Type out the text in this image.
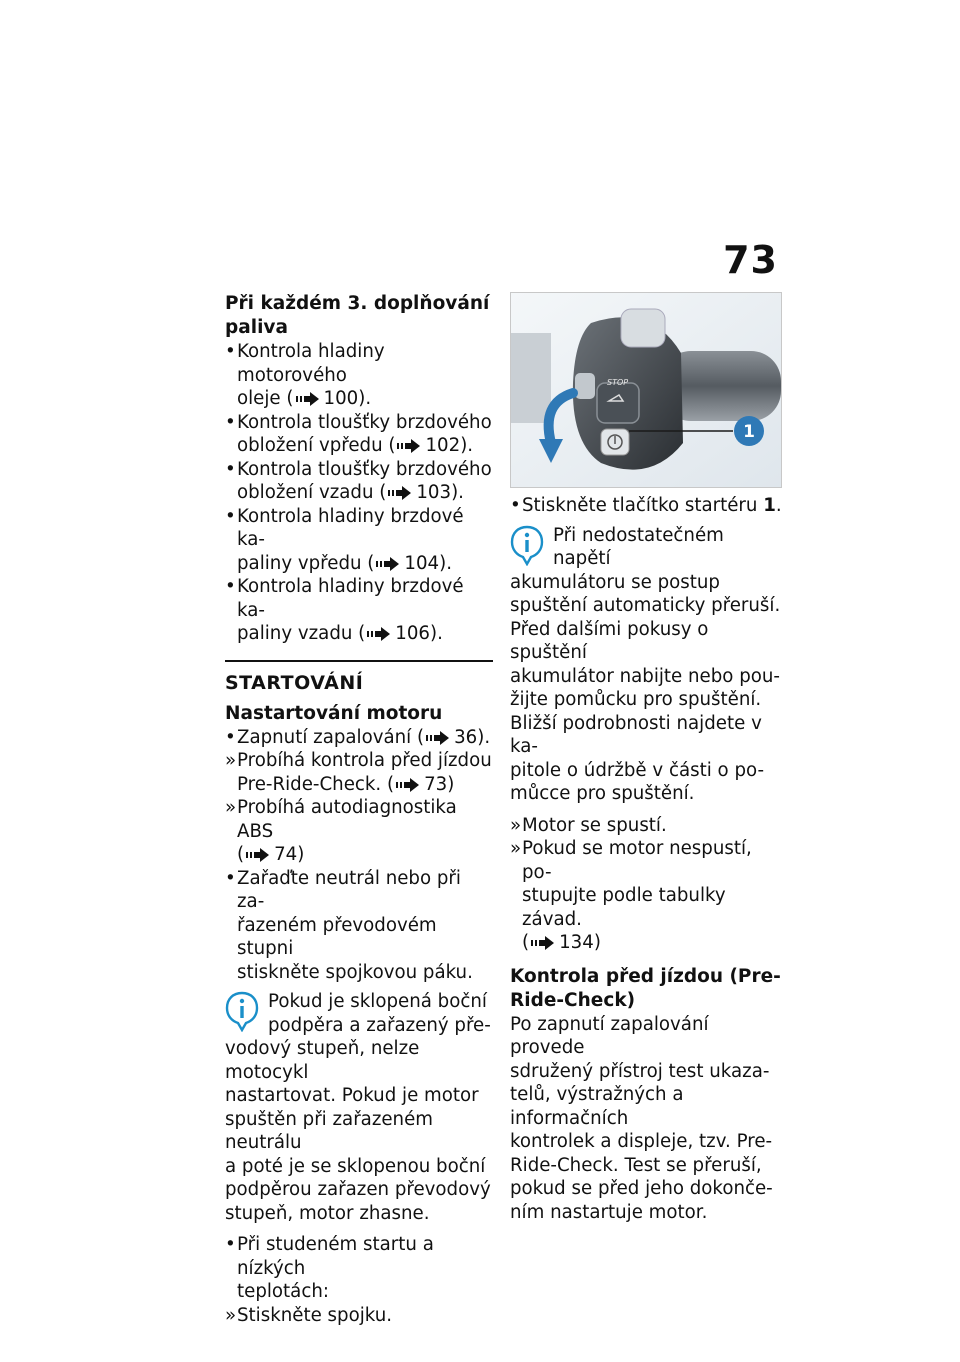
73
Při každém 3. doplňování
paliva
• Kontrola hladiny motorového
oleje ( 100).
• Kontrola tloušťky brzdového
obložení vpředu ( 102).
• Kontrola tloušťky brzdového
obložení vzadu ( 103).
• Kontrola hladiny brzdové ka-
paliny vpředu ( 104).
• Kontrola hladiny brzdové ka-
paliny vzadu ( 106).
STARTOVÁNÍ
Nastartování motoru
• Zapnutí zapalování ( 36).
» Probíhá kontrola před jízdou
Pre-Ride-Check. ( 73)
» Probíhá autodiagnostika ABS
( 74)
• Zařaďte neutrál nebo při za-
řazeném převodovém stupni
stiskněte spojkovou páku.
Pokud je sklopená boční
podpěra a zařazený pře-
vodový stupeň, nelze motocykl
nastartovat. Pokud je motor
spuštěn při zařazeném neutrálu
a poté je se sklopenou boční
podpěrou zařazen převodový
stupeň, motor zhasne.
• Při studeném startu a nízkých
teplotách:
» Stiskněte spojku.
STOP
1
• Stiskněte tlačítko startéru 1.
Při nedostatečném napětí
akumulátoru se postup
spuštění automaticky přeruší.
Před dalšími pokusy o spuštění
akumulátor nabijte nebo pou-
žijte pomůcku pro spuštění.
Bližší podrobnosti najdete v ka-
pitole o údržbě v části o po-
můcce pro spuštění.
» Motor se spustí.
» Pokud se motor nespustí, po-
stupujte podle tabulky závad.
( 134)
Kontrola před jízdou (Pre-
Ride-Check)
Po zapnutí zapalování provede
sdružený přístroj test ukaza-
telů, výstražných a informačních
kontrolek a displeje, tzv. Pre-
Ride-Check. Test se přeruší,
pokud se před jeho dokonče-
ním nastartuje motor.
